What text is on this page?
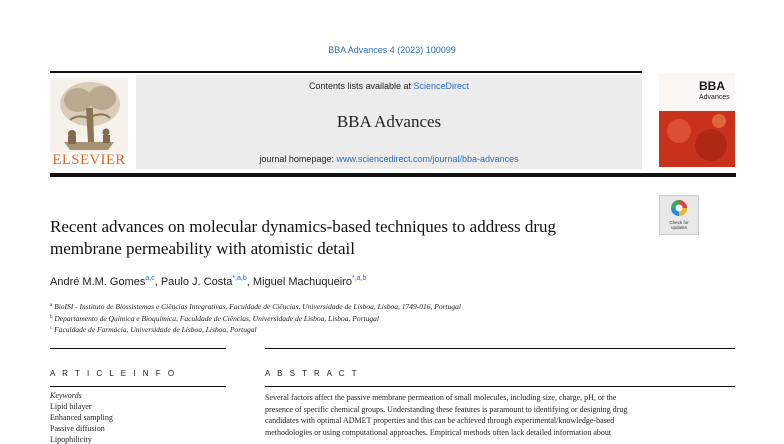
BBA Advances 4 (2023) 100099
ELSEVIER
Contents lists available at ScienceDirect
BBA Advances
journal homepage: www.sciencedirect.com/journal/bba-advances
BBA
Advances
Check for
updates
Recent advances on molecular dynamics-based techniques to address drug
membrane permeability with atomistic detail
André M.M. Gomes$^{a,c}$, Paulo J. Costa$^{*,a,b}$, Miguel Machuqueiro$^{*,a,b}$
$^a$ BioISI - Instituto de Biossistemas e Ciências Integrativas, Faculdade de Ciências, Universidade de Lisboa, Lisboa, 1749-016, Portugal
$^b$ Departamento de Química e Bioquímica, Faculdade de Ciências, Universidade de Lisboa, Lisboa, Portugal
$^c$ Faculdade de Farmácia, Universidade de Lisboa, Lisboa, Portugal
A R T I C L E I N F O	A B S T R A C T
Keywords
Lipid bilayer
Enhanced sampling
Passive diffusion
Lipophilicity
Several factors affect the passive membrane permeation of small molecules, including size, charge, pH, or the
presence of specific chemical groups. Understanding these features is paramount to identifying or designing drug
candidates with optimal ADMET properties and this can be achieved through experimental/knowledge-based
methodologies or using computational approaches. Empirical methods often lack detailed information about
